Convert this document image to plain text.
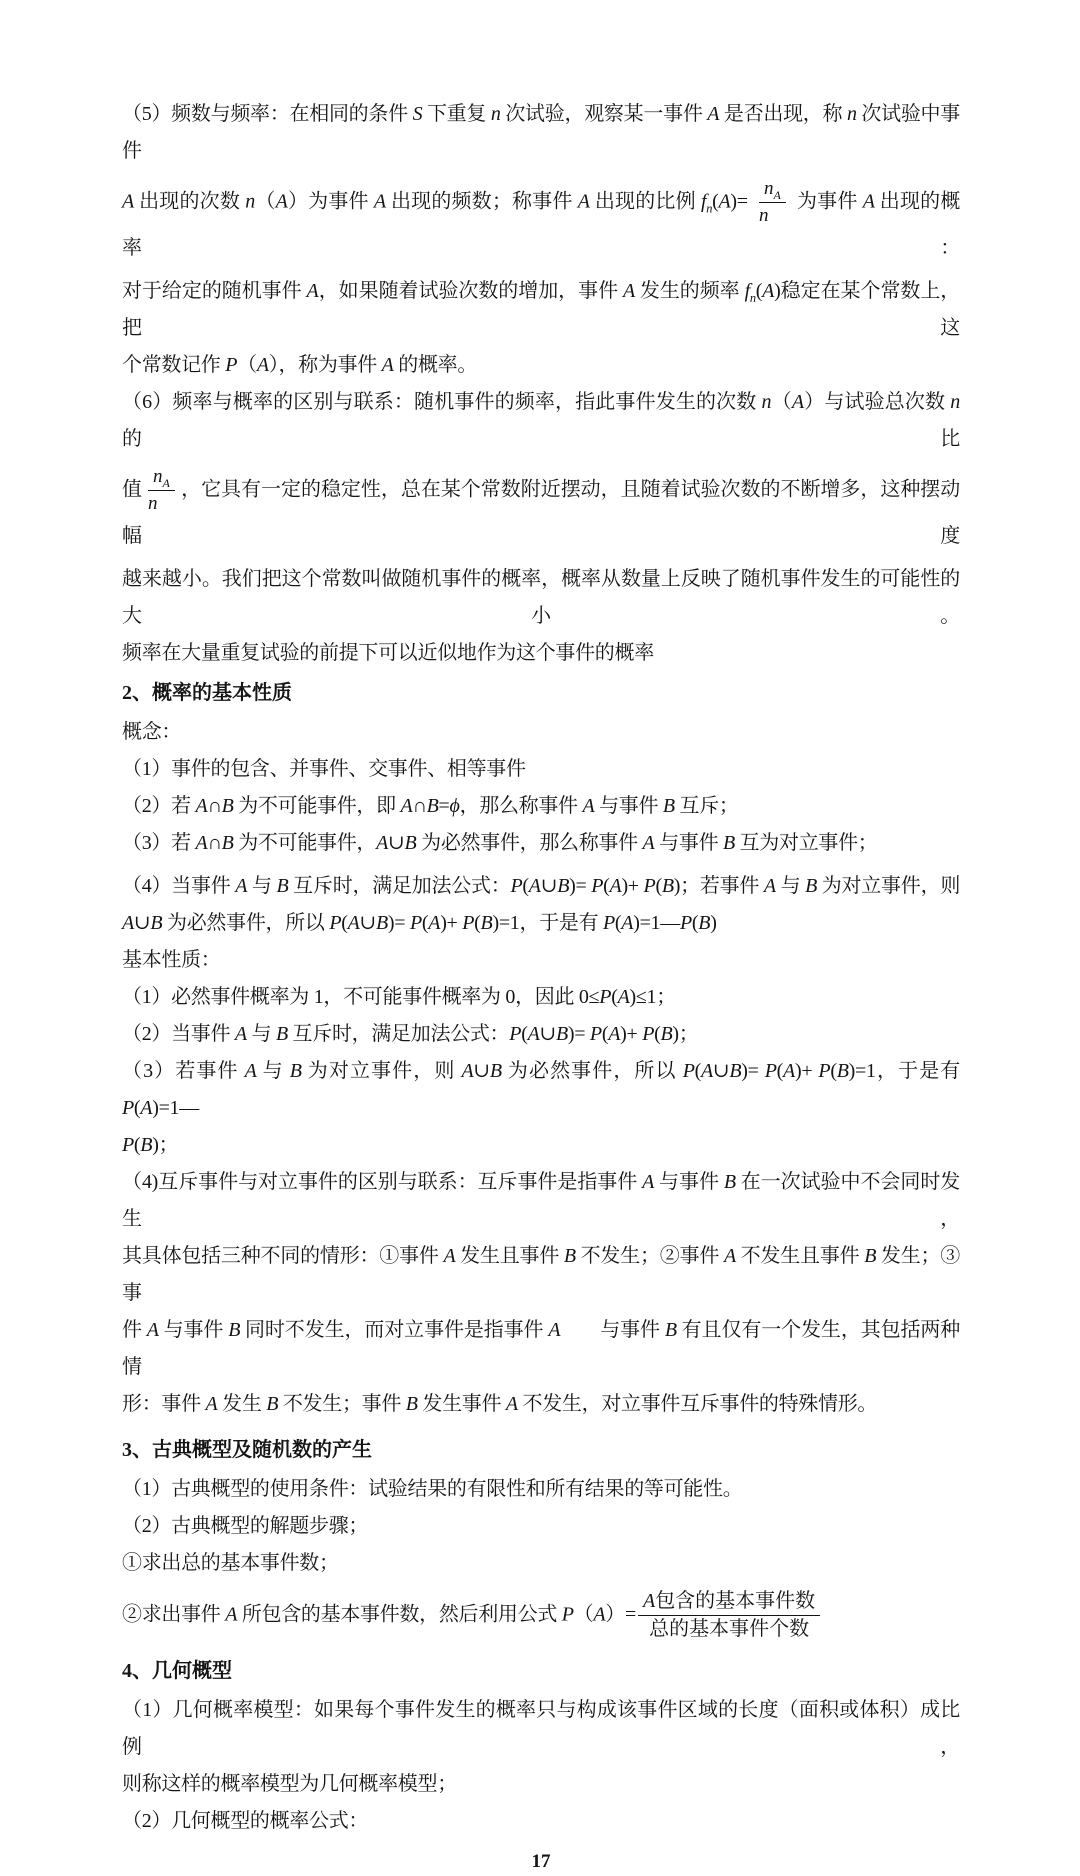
（5）频数与频率：在相同的条件 S 下重复 n 次试验，观察某一事件 A 是否出现，称 n 次试验中事件
A 出现的次数 n（A）为事件 A 出现的频数；称事件 A 出现的比例 $f_n(A)= \frac{n_A}{n}$ 为事件 A 出现的概率：
对于给定的随机事件 A，如果随着试验次数的增加，事件 A 发生的频率 $f_n(A)$稳定在某个常数上，把这
个常数记作 P（A），称为事件 A 的概率。
（6）频率与概率的区别与联系：随机事件的频率，指此事件发生的次数 n（A）与试验总次数 n 的比
值 $\frac{n_A}{n}$ ，它具有一定的稳定性，总在某个常数附近摆动，且随着试验次数的不断增多，这种摆动幅度
越来越小。我们把这个常数叫做随机事件的概率，概率从数量上反映了随机事件发生的可能性的大小。
频率在大量重复试验的前提下可以近似地作为这个事件的概率
2、概率的基本性质
概念：
（1）事件的包含、并事件、交事件、相等事件
（2）若 A∩B 为不可能事件，即 A∩B=ϕ，那么称事件 A 与事件 B 互斥；
（3）若 A∩B 为不可能事件，A∪B 为必然事件，那么称事件 A 与事件 B 互为对立事件；
（4）当事件 A 与 B 互斥时，满足加法公式：P(A∪B)= P(A)+ P(B)；若事件 A 与 B 为对立事件，则
A∪B 为必然事件，所以 P(A∪B)= P(A)+ P(B)=1，于是有 P(A)=1—P(B)
基本性质：
（1）必然事件概率为 1，不可能事件概率为 0，因此 0≤P(A)≤1；
（2）当事件 A 与 B 互斥时，满足加法公式：P(A∪B)= P(A)+ P(B)；
（3）若事件 A 与 B 为对立事件，则 A∪B 为必然事件，所以 P(A∪B)= P(A)+ P(B)=1，于是有 P(A)=1—
P(B)；
（4)互斥事件与对立事件的区别与联系：互斥事件是指事件 A 与事件 B 在一次试验中不会同时发生，
其具体包括三种不同的情形：①事件 A 发生且事件 B 不发生；②事件 A 不发生且事件 B 发生；③事
件 A 与事件 B 同时不发生，而对立事件是指事件 A　　与事件 B 有且仅有一个发生，其包括两种情
形：事件 A 发生 B 不发生；事件 B 发生事件 A 不发生，对立事件互斥事件的特殊情形。
3、古典概型及随机数的产生
（1）古典概型的使用条件：试验结果的有限性和所有结果的等可能性。
（2）古典概型的解题步骤；
①求出总的基本事件数；
②求出事件 A 所包含的基本事件数，然后利用公式 $P(A)= \frac{\text{A包含的基本事件数}}{\text{总的基本事件个数}}$
4、几何概型
（1）几何概率模型：如果每个事件发生的概率只与构成该事件区域的长度（面积或体积）成比例，
则称这样的概率模型为几何概率模型；
（2）几何概型的概率公式：
17
